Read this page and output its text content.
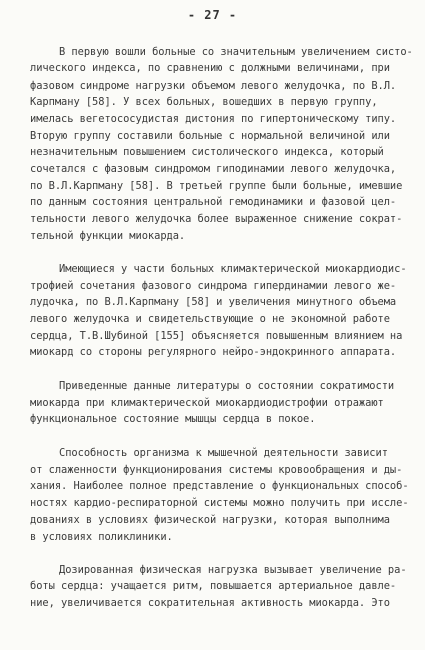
- 27 -
В первую вошли больные со значительным увеличением систо-
лического индекса, по сравнению с должными величинами, при
фазовом синдроме нагрузки объемом левого желудочка, по В.Л.
Карпману [58]. У всех больных, вошедших в первую группу,
имелась вегетососудистая дистония по гипертоническому типу.
Вторую группу составили больные с нормальной величиной или
незначительным повышением систолического индекса, который
сочетался с фазовым синдромом гиподинамии левого желудочка,
по В.Л.Карпману [58]. В третьей группе были больные, имевшие
по данным состояния центральной гемодинамики и фазовой цел-
тельности левого желудочка более выраженное снижение сократ-
тельной функции миокарда.
Имеющиеся у части больных климактерической миокардиодис-
трофией сочетания фазового синдрома гипердинамии левого же-
лудочка, по В.Л.Карпману [58] и увеличения минутного объема
левого желудочка и свидетельствующие о не экономной работе
сердца, Т.В.Шубиной [155] объясняется повышенным влиянием на
миокард со стороны регулярного нейро-эндокринного аппарата.
Приведенные данные литературы о состоянии сократимости
миокарда при климактерической миокардиодистрофии отражают
функциональное состояние мышцы сердца в покое.
Способность организма к мышечной деятельности зависит
от слаженности функционирования системы кровообращения и ды-
хания. Наиболее полное представление о функциональных способ-
ностях кардио-респираторной системы можно получить при иссле-
дованиях в условиях физической нагрузки, которая выполнима
в условиях поликлиники.
Дозированная физическая нагрузка вызывает увеличение ра-
боты сердца: учащается ритм, повышается артериальное давле-
ние, увеличивается сократительная активность миокарда. Это
